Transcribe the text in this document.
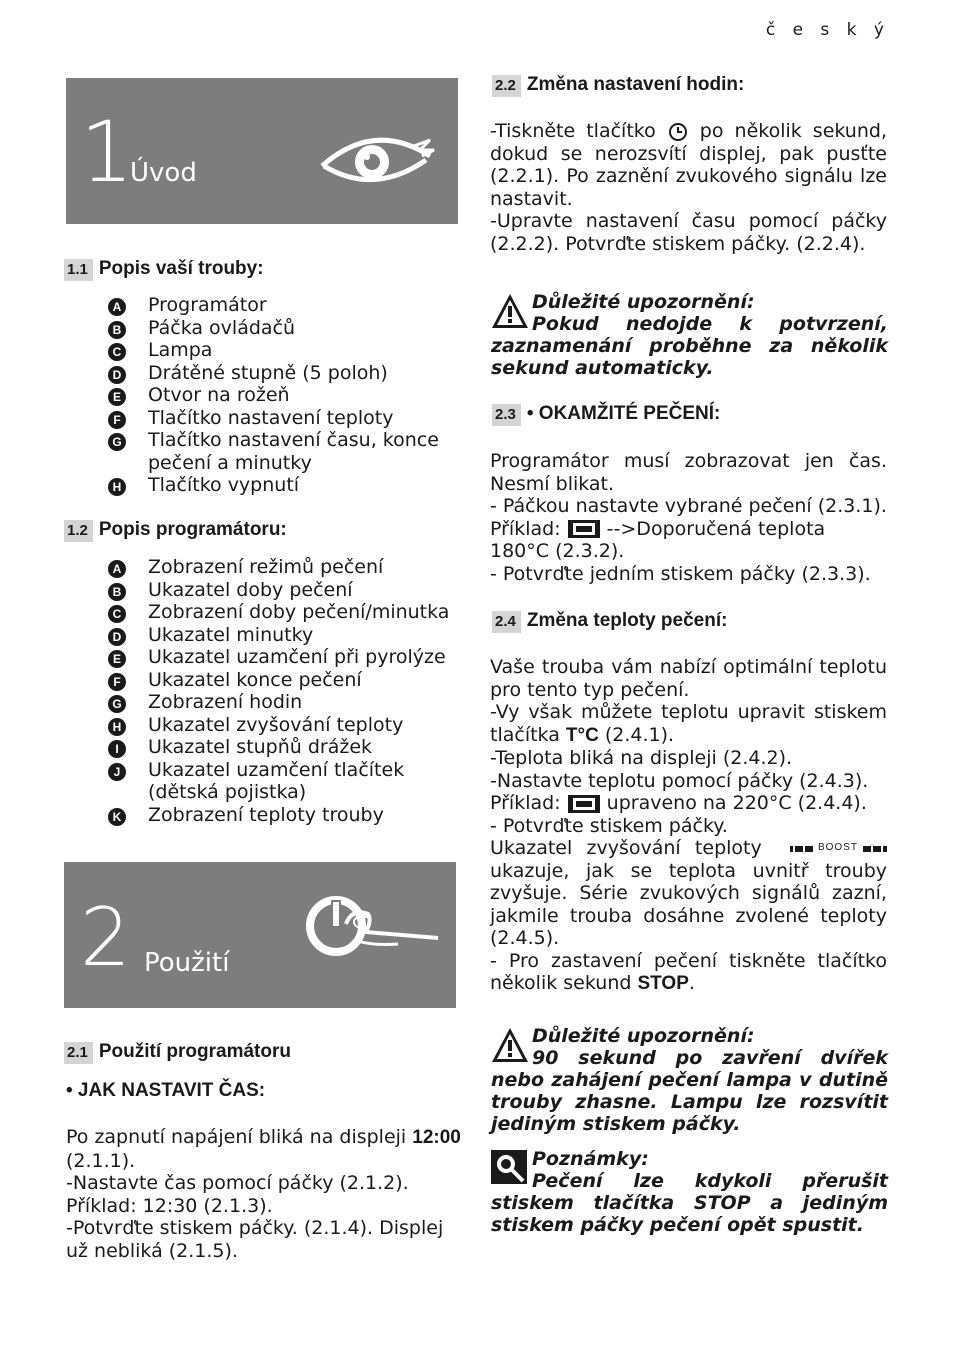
č e s k ý
1
Úvod
1.1 Popis vaší trouby:
A	Programátor
B	Páčka ovládačů
C	Lampa
D	Drátěné stupně (5 poloh)
E	Otvor na rožeň
F	Tlačítko nastavení teploty
G	Tlačítko nastavení času, konce pečení a minutky
H	Tlačítko vypnutí
1.2 Popis programátoru:
A	Zobrazení režimů pečení
B	Ukazatel doby pečení
C	Zobrazení doby pečení/minutka
D	Ukazatel minutky
E	Ukazatel uzamčení při pyrolýze
F	Ukazatel konce pečení
G	Zobrazení hodin
H	Ukazatel zvyšování teploty
I	Ukazatel stupňů drážek
J	Ukazatel uzamčení tlačítek (dětská pojistka)
K	Zobrazení teploty trouby
2 Použití
2.1 Použití programátoru
• JAK NASTAVIT ČAS:

Po zapnutí napájení bliká na displeji 12:00 (2.1.1).

-Nastavte čas pomocí páčky (2.1.2).

Příklad: 12:30 (2.1.3).

-Potvrďte stiskem páčky. (2.1.4). Displej už nebliká (2.1.5).

2.2 Změna nastavení hodin:

-Tiskněte tlačítko  po několik sekund, dokud se nerozsvítí displej, pak pusťte (2.2.1). Po zaznění zvukového signálu lze nastavit.

-Upravte nastavení času pomocí páčky (2.2.2). Potvrďte stiskem páčky. (2.2.4).

Důležité upozornění:

Pokud nedojde k potvrzení, zaznamenání proběhne za několik sekund automaticky.

2.3 • OKAMŽITÉ PEČENÍ:

Programátor musí zobrazovat jen čas. Nesmí blikat.

- Páčkou nastavte vybrané pečení (2.3.1).

Příklad:  -->Doporučená teplota 180°C (2.3.2).

- Potvrďte jedním stiskem páčky (2.3.3).

2.4 Změna teploty pečení:

Vaše trouba vám nabízí optimální teplotu pro tento typ pečení.

-Vy však můžete teplotu upravit stiskem tlačítka T°C (2.4.1).

-Teplota bliká na displeji (2.4.2).

-Nastavte teplotu pomocí páčky (2.4.3).

Příklad:  upraveno na 220°C (2.4.4).

- Potvrďte stiskem páčky.

Ukazatel zvyšování teploty	BOOST
ukazuje, jak se teplota uvnitř trouby zvyšuje. Série zvukových signálů zazní, jakmile trouba dosáhne zvolené teploty (2.4.5).

- Pro zastavení pečení tiskněte tlačítko několik sekund STOP.

Důležité upozornění:

90 sekund po zavření dvířek nebo zahájení pečení lampa v dutině trouby zhasne. Lampu lze rozsvítit jediným stiskem páčky.

Poznámky:

Pečení lze kdykoli přerušit stiskem tlačítka STOP a jediným stiskem páčky pečení opět spustit.
